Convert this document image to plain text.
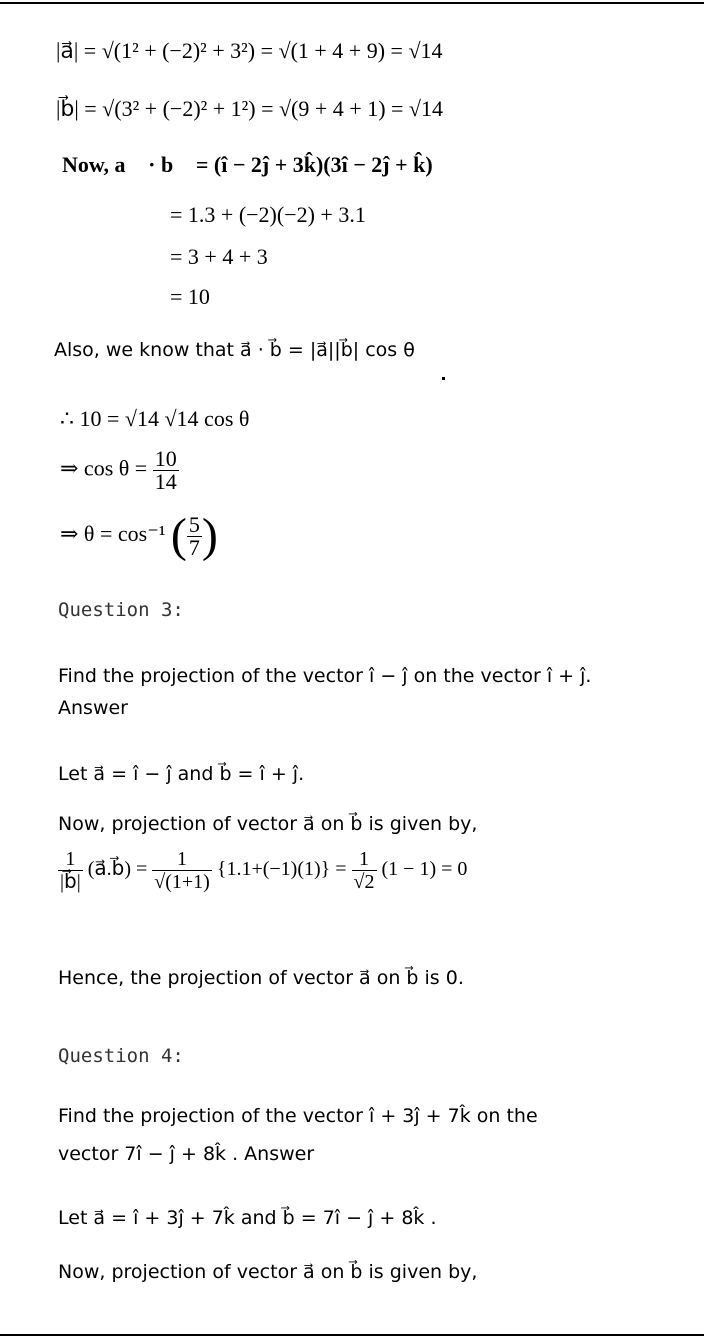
|a⃗| = √(1² + (−2)² + 3²) = √(1 + 4 + 9) = √14
|b⃗| = √(3² + (−2)² + 1²) = √(9 + 4 + 1) = √14
Now, a⃗ · b⃗ = (î − 2ĵ + 3k̂)(3î − 2ĵ + k̂)
= 1.3 + (−2)(−2) + 3.1
= 3 + 4 + 3
= 10
Also, we know that a⃗ · b⃗ = |a⃗||b⃗| cos θ
∴ 10 = √14 √14 cos θ
⇒ $\cos \theta = \frac{10}{14}$
⇒ θ = cos⁻¹ ( $\frac{5}{7}$ )
Question 3:
Find the projection of the vector î − ĵ on the vector î + ĵ.
Answer
Let a⃗ = î − ĵ and b⃗ = î + ĵ.
Now, projection of vector a⃗ on b⃗ is given by,
$\frac{1}{|b⃗|}$ (a⃗.b⃗) = $\frac{1}{√(1+1)} \{1.1+(-1)(1)\} = \frac{1}{√2} (1 - 1) = 0$
Hence, the projection of vector a⃗ on b⃗ is 0.
Question 4:
Find the projection of the vector î + 3ĵ + 7k̂ on the
vector 7î − ĵ + 8k̂ . Answer
Let a⃗ = î + 3ĵ + 7k̂ and b⃗ = 7î − ĵ + 8k̂ .
Now, projection of vector a⃗ on b⃗ is given by,
